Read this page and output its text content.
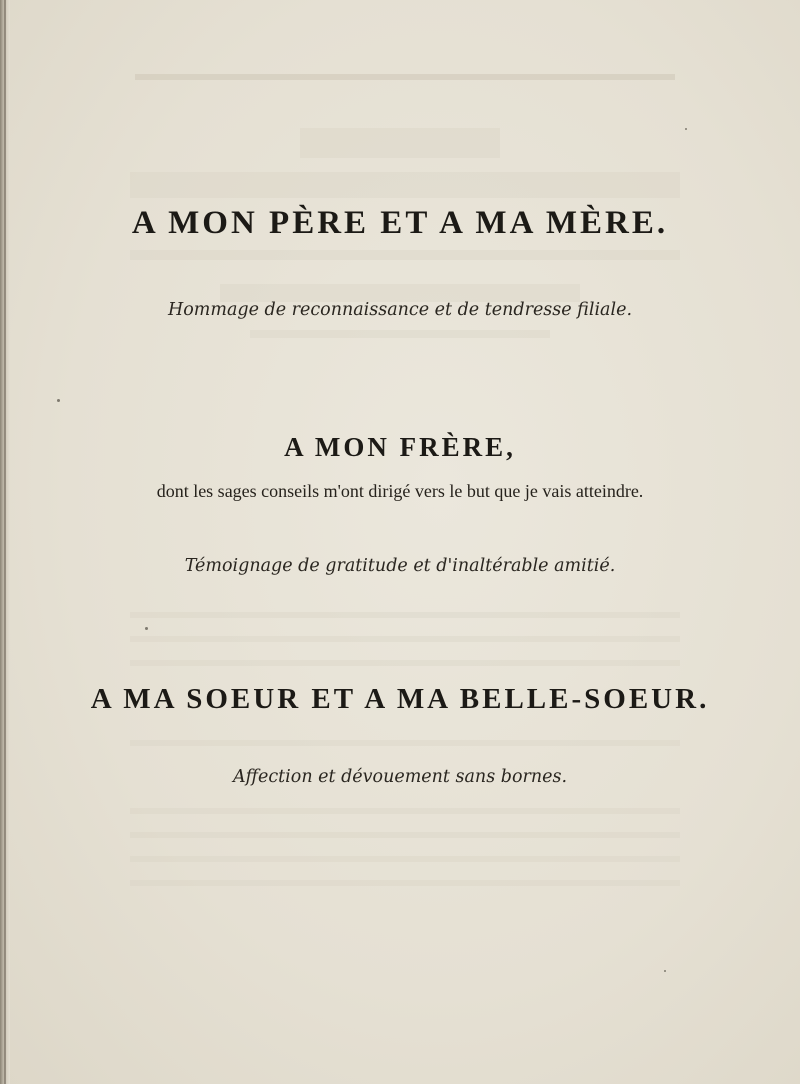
A MON PÈRE ET A MA MÈRE.

Hommage de reconnaissance et de tendresse filiale.

A MON FRÈRE,

dont les sages conseils m'ont dirigé vers le but que je vais atteindre.

Témoignage de gratitude et d'inaltérable amitié.

A MA SOEUR ET A MA BELLE-SOEUR.

Affection et dévouement sans bornes.
